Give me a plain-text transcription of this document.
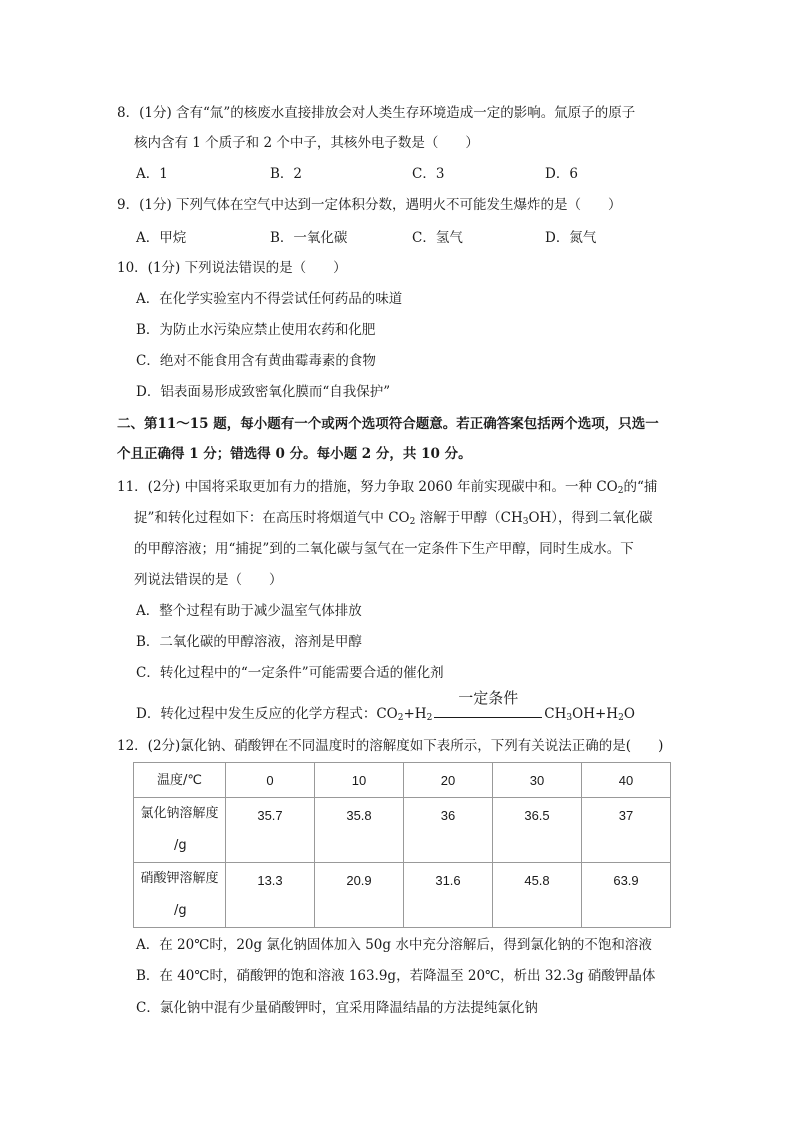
8．(1分) 含有“氚”的核废水直接排放会对人类生存环境造成一定的影响。氚原子的原子
核内含有 1 个质子和 2 个中子，其核外电子数是（　　）
A．1	B．2	C．3	D．6
9．(1分) 下列气体在空气中达到一定体积分数，遇明火不可能发生爆炸的是（　　）
A．甲烷	B．一氧化碳	C．氢气	D．氮气
10．(1分) 下列说法错误的是（　　）
A．在化学实验室内不得尝试任何药品的味道
B．为防止水污染应禁止使用农药和化肥
C．绝对不能食用含有黄曲霉毒素的食物
D．铝表面易形成致密氧化膜而“自我保护”
二、第11～15 题，每小题有一个或两个选项符合题意。若正确答案包括两个选项，只选一
个且正确得 1 分；错选得 0 分。每小题 2 分，共 10 分。
11．(2分) 中国将采取更加有力的措施，努力争取 2060 年前实现碳中和。一种 $CO_2$的“捕
捉”和转化过程如下：在高压时将烟道气中 $CO_2$ 溶解于甲醇$(CH_3OH)$，得到二氧化碳
的甲醇溶液；用“捕捉”到的二氧化碳与氢气在一定条件下生产甲醇，同时生成水。下
列说法错误的是（　　）
A．整个过程有助于减少温室气体排放
B．二氧化碳的甲醇溶液，溶剂是甲醇
C．转化过程中的“一定条件”可能需要合适的催化剂
D．转化过程中发生反应的化学方程式：$CO_2+H_2$
一定条件
$CH_3OH+H_2O$
12．(2分)氯化钠、硝酸钾在不同温度时的溶解度如下表所示，下列有关说法正确的是(　　)
温度/℃	0	10	20	30	40

氯化钠溶解度
/g	35.7	35.8	36	36.5	37

硝酸钾溶解度
/g	13.3	20.9	31.6	45.8	63.9
A．在 20℃时，20g 氯化钠固体加入 50g 水中充分溶解后，得到氯化钠的不饱和溶液
B．在 40℃时，硝酸钾的饱和溶液 163.9g，若降温至 20℃，析出 32.3g 硝酸钾晶体
C．氯化钠中混有少量硝酸钾时，宜采用降温结晶的方法提纯氯化钠
